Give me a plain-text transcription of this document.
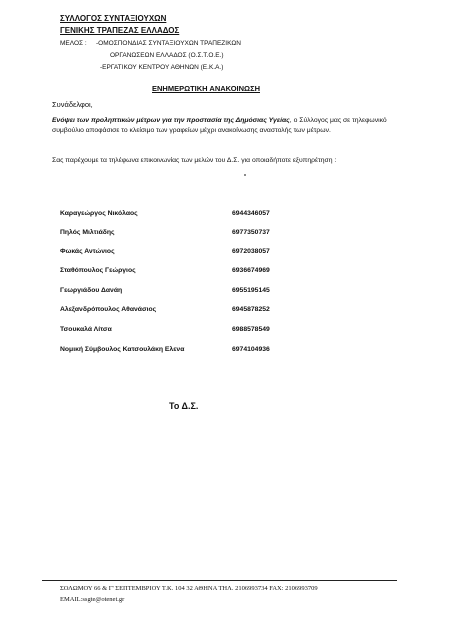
ΣΥΛΛΟΓΟΣ ΣΥΝΤΑΞΙΟΥΧΩΝ
ΓΕΝΙΚΗΣ ΤΡΑΠΕΖΑΣ ΕΛΛΑΔΟΣ
ΜΕΛΟΣ : -ΟΜΟΣΠΟΝΔΙΑΣ ΣΥΝΤΑΞΙΟΥΧΩΝ ΤΡΑΠΕΖΙΚΩΝ
ΟΡΓΑΝΩΣΕΩΝ ΕΛΛΑΔΟΣ (Ο.Σ.Τ.Ο.Ε.)
-ΕΡΓΑΤΙΚΟΥ ΚΕΝΤΡΟΥ ΑΘΗΝΩΝ (Ε.Κ.Α.)
ΕΝΗΜΕΡΩΤΙΚΗ ΑΝΑΚΟΙΝΩΣΗ
Συνάδελφοι,
Ενόψει των προληπτικών μέτρων για την προστασία της Δημόσιας Υγείας, ο Σύλλογος μας σε τηλεφωνικό συμβούλιο αποφάσισε το κλείσιμο των γραφείων μέχρι ανακοίνωσης αναστολής των μέτρων.
Σας παρέχουμε τα τηλέφωνα επικοινωνίας των μελών του Δ.Σ. για οποιαδήποτε εξυπηρέτηση :
Καραγεώργος Νικόλαος	6944346057
Πηλός Μιλτιάδης	6977350737
Φωκάς Αντώνιος	6972038057
Σταθόπουλος Γεώργιος	6936674969
Γεωργιάδου Δανάη	6955195145
Αλεξανδρόπουλος Αθανάσιος	6945878252
Τσουκαλά Λίτσα	6988578549
Νομική Σύμβουλος Κατσουλάκη Ελενα	6974104936
Το Δ.Σ.
ΣΟΛΩΜΟΥ 66 & Γ' ΣΕΠΤΕΜΒΡΙΟΥ Τ.Κ. 104 32 ΑΘΗΝΑ ΤΗΛ. 2106993734 FAX: 2106993709
EMAIL:ssgte@otenet.gr
